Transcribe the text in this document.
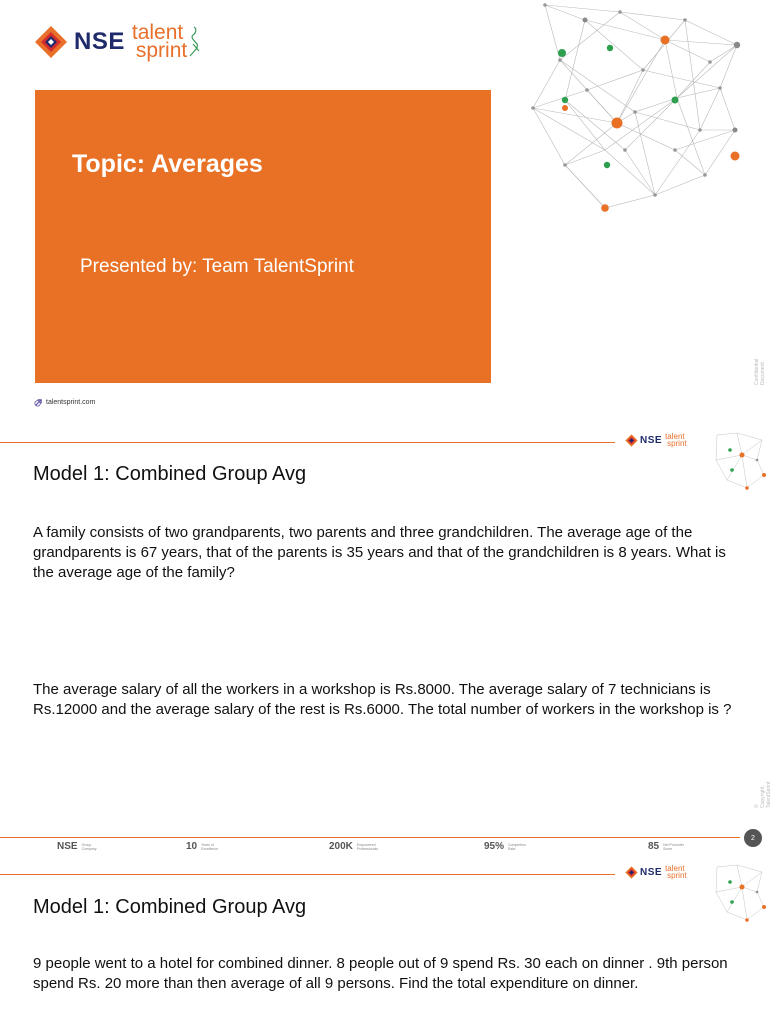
NSE talent
sprint
Topic: Averages
Presented by: Team TalentSprint
talentsprint.com
Confidential Document
NSE talent
sprint
Model 1: Combined Group Avg
A family consists of two grandparents, two parents and three grandchildren. The average age of the grandparents is 67 years, that of the parents is 35 years and that of the grandchildren is 8 years. What is the average age of the family?
The average salary of all the workers in a workshop is Rs.8000. The average salary of 7 technicians is Rs.12000 and the average salary of the rest is Rs.6000. The total number of workers in the workshop is ?
© Copyright, TalentSprint
2
NSE Group Company	10 Years of Excellence	200K Empowered Professionals	95% Completion Rate	85 Net Promoter Score
NSE talent
sprint
Model 1: Combined Group Avg
9 people went to a hotel for combined dinner. 8 people out of 9 spend Rs. 30 each on dinner . 9th person spend Rs. 20 more than then average of all 9 persons. Find the total expenditure on dinner.
